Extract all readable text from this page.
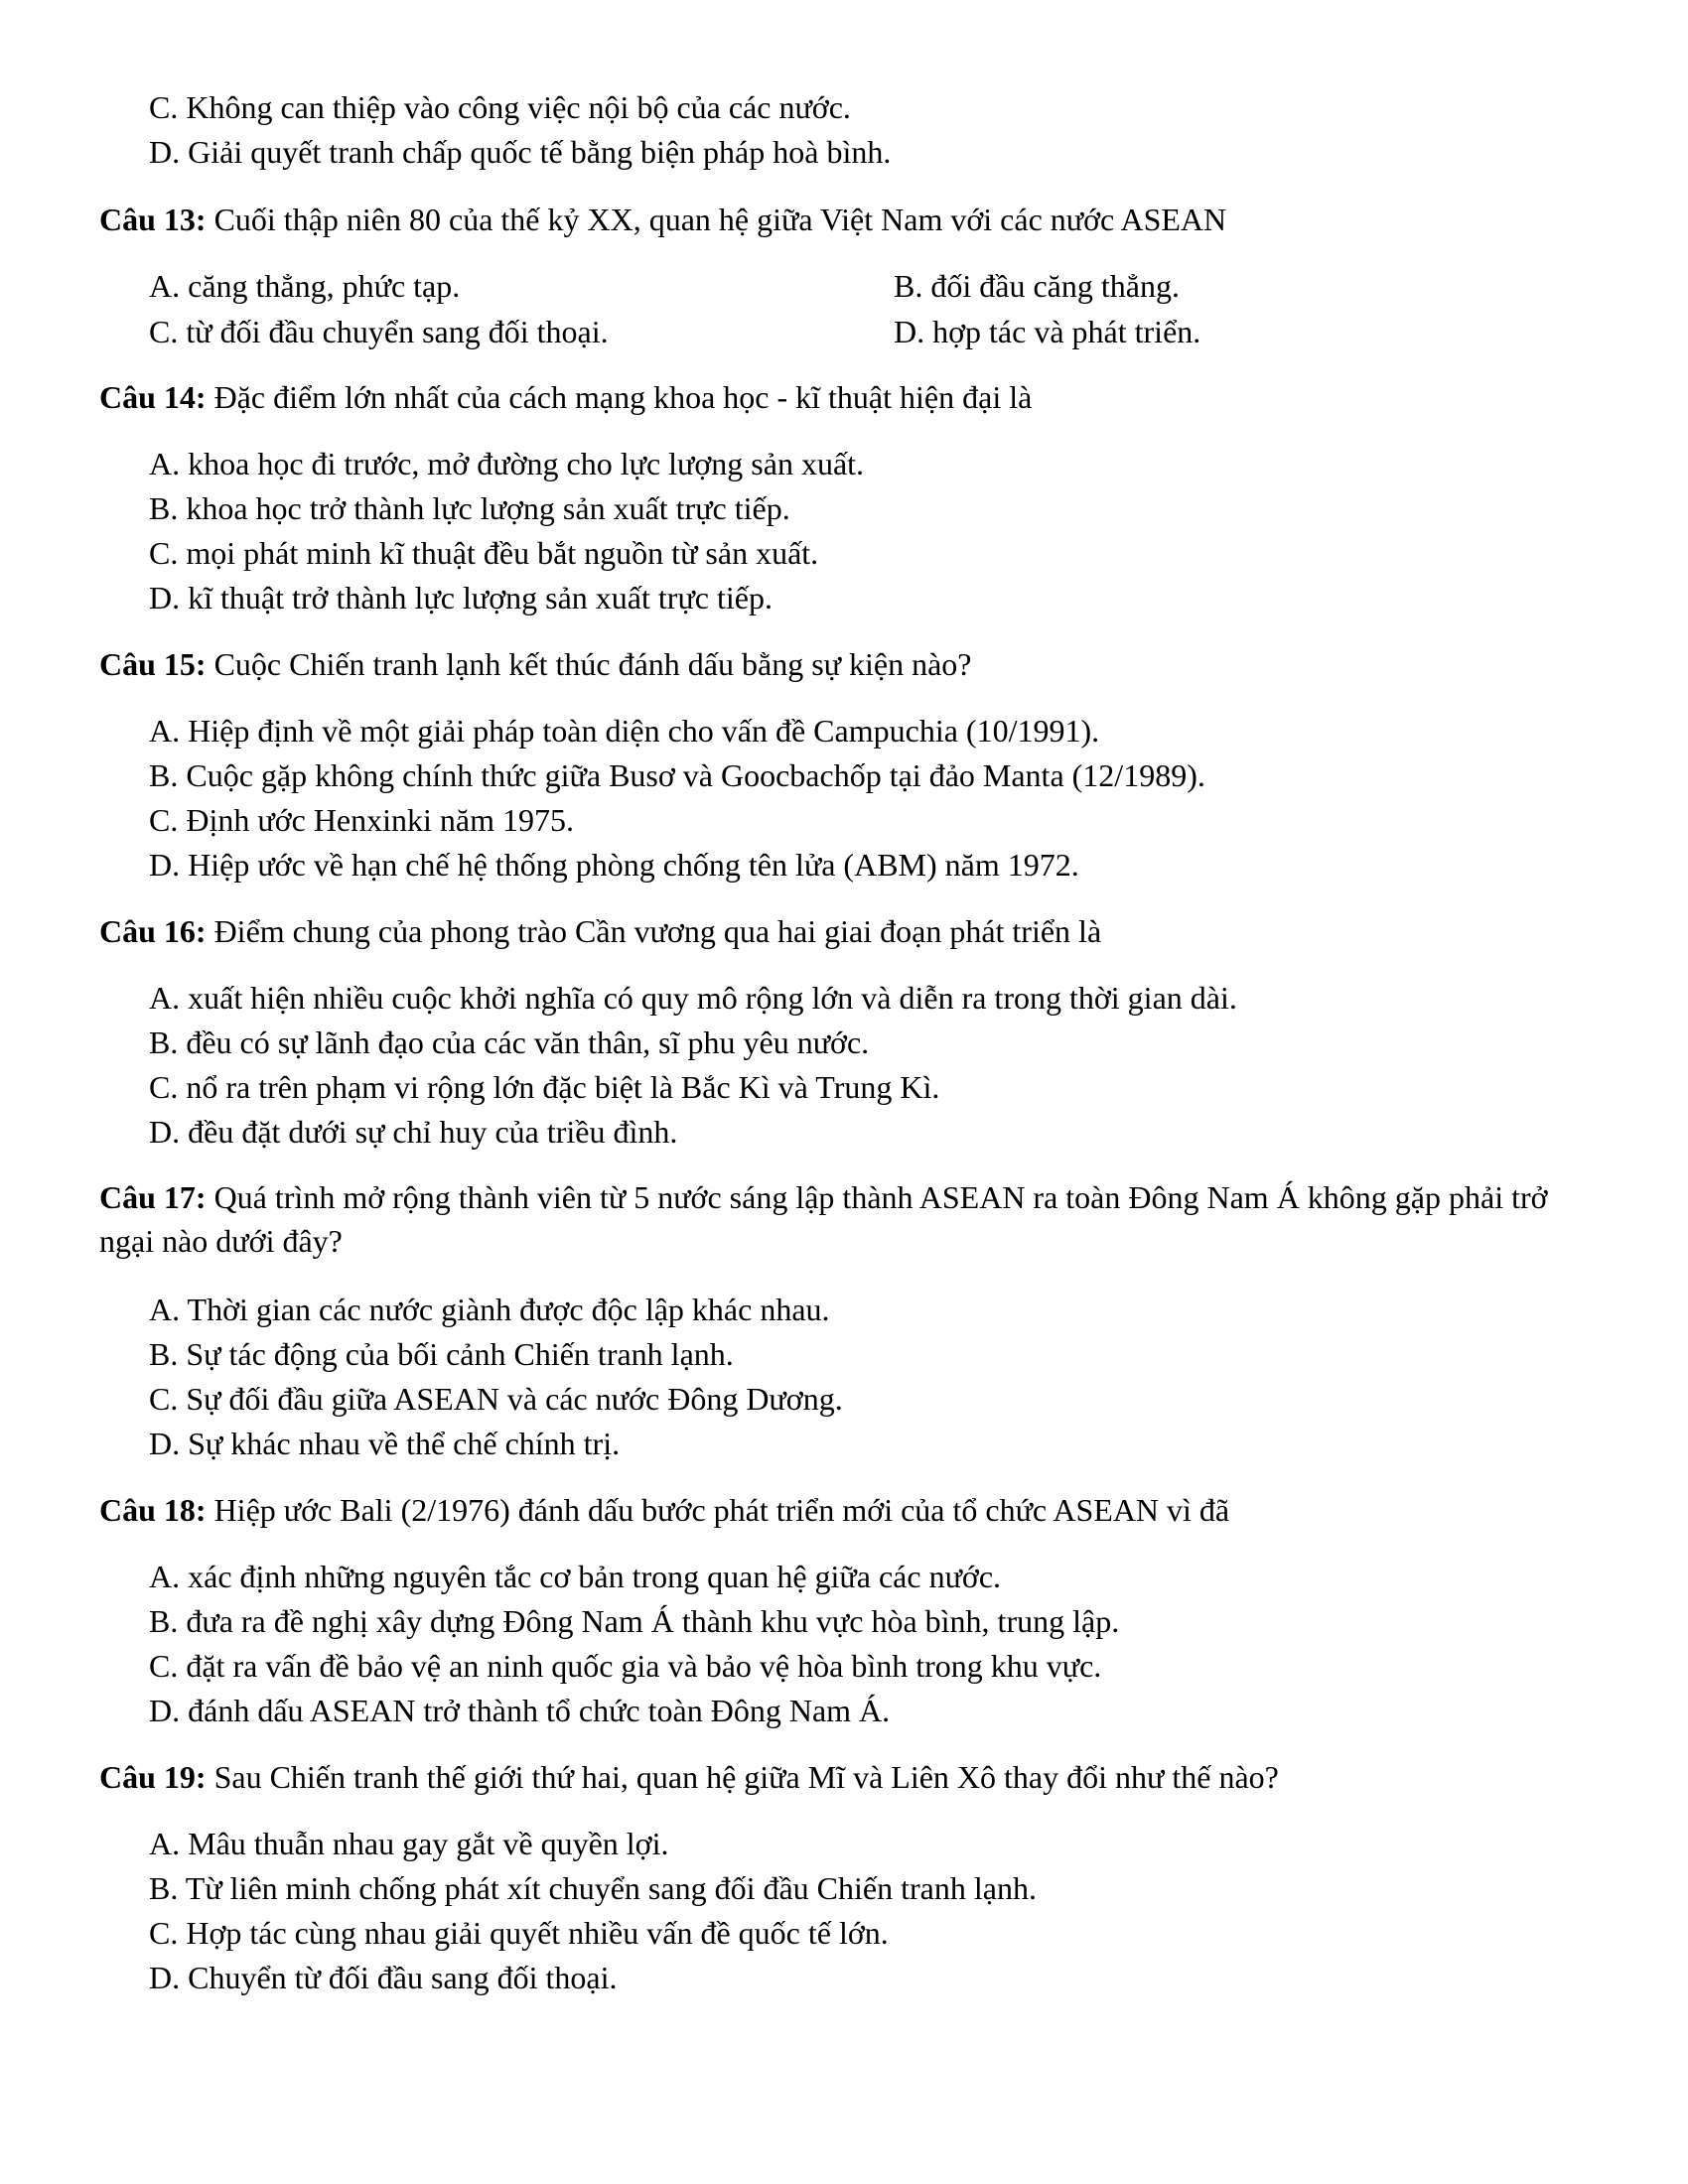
C. Không can thiệp vào công việc nội bộ của các nước.
D. Giải quyết tranh chấp quốc tế bằng biện pháp hoà bình.
Câu 13: Cuối thập niên 80 của thế kỷ XX, quan hệ giữa Việt Nam với các nước ASEAN
A. căng thẳng, phức tạp.	B. đối đầu căng thẳng.
C. từ đối đầu chuyển sang đối thoại.	D. hợp tác và phát triển.
Câu 14: Đặc điểm lớn nhất của cách mạng khoa học - kĩ thuật hiện đại là
A. khoa học đi trước, mở đường cho lực lượng sản xuất.
B. khoa học trở thành lực lượng sản xuất trực tiếp.
C. mọi phát minh kĩ thuật đều bắt nguồn từ sản xuất.
D. kĩ thuật trở thành lực lượng sản xuất trực tiếp.
Câu 15: Cuộc Chiến tranh lạnh kết thúc đánh dấu bằng sự kiện nào?
A. Hiệp định về một giải pháp toàn diện cho vấn đề Campuchia (10/1991).
B. Cuộc gặp không chính thức giữa Busơ và Goocbachốp tại đảo Manta (12/1989).
C. Định ước Henxinki năm 1975.
D. Hiệp ước về hạn chế hệ thống phòng chống tên lửa (ABM) năm 1972.
Câu 16: Điểm chung của phong trào Cần vương qua hai giai đoạn phát triển là
A. xuất hiện nhiều cuộc khởi nghĩa có quy mô rộng lớn và diễn ra trong thời gian dài.
B. đều có sự lãnh đạo của các văn thân, sĩ phu yêu nước.
C. nổ ra trên phạm vi rộng lớn đặc biệt là Bắc Kì và Trung Kì.
D. đều đặt dưới sự chỉ huy của triều đình.
Câu 17: Quá trình mở rộng thành viên từ 5 nước sáng lập thành ASEAN ra toàn Đông Nam Á không gặp phải trở ngại nào dưới đây?
A. Thời gian các nước giành được độc lập khác nhau.
B. Sự tác động của bối cảnh Chiến tranh lạnh.
C. Sự đối đầu giữa ASEAN và các nước Đông Dương.
D. Sự khác nhau về thể chế chính trị.
Câu 18: Hiệp ước Bali (2/1976) đánh dấu bước phát triển mới của tổ chức ASEAN vì đã
A. xác định những nguyên tắc cơ bản trong quan hệ giữa các nước.
B. đưa ra đề nghị xây dựng Đông Nam Á thành khu vực hòa bình, trung lập.
C. đặt ra vấn đề bảo vệ an ninh quốc gia và bảo vệ hòa bình trong khu vực.
D. đánh dấu ASEAN trở thành tổ chức toàn Đông Nam Á.
Câu 19: Sau Chiến tranh thế giới thứ hai, quan hệ giữa Mĩ và Liên Xô thay đổi như thế nào?
A. Mâu thuẫn nhau gay gắt về quyền lợi.
B. Từ liên minh chống phát xít chuyển sang đối đầu Chiến tranh lạnh.
C. Hợp tác cùng nhau giải quyết nhiều vấn đề quốc tế lớn.
D. Chuyển từ đối đầu sang đối thoại.
